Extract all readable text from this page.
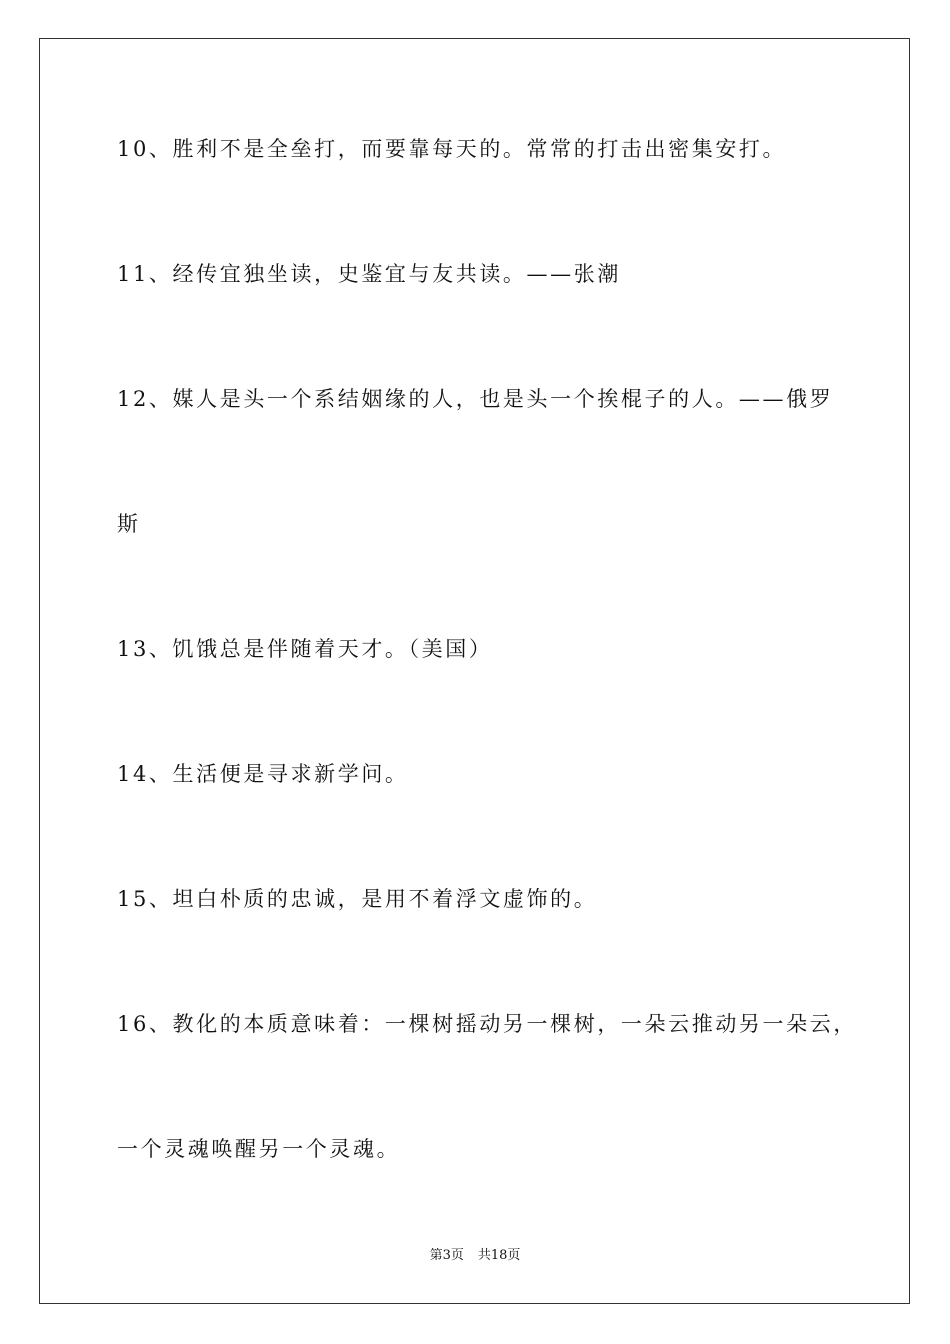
10、胜利不是全垒打，而要靠每天的。常常的打击出密集安打。
11、经传宜独坐读，史鉴宜与友共读。——张潮
12、媒人是头一个系结姻缘的人，也是头一个挨棍子的人。——俄罗
斯
13、饥饿总是伴随着天才。（美国）
14、生活便是寻求新学问。
15、坦白朴质的忠诚，是用不着浮文虚饰的。
16、教化的本质意味着：一棵树摇动另一棵树，一朵云推动另一朵云，
一个灵魂唤醒另一个灵魂。
第3页 共18页
